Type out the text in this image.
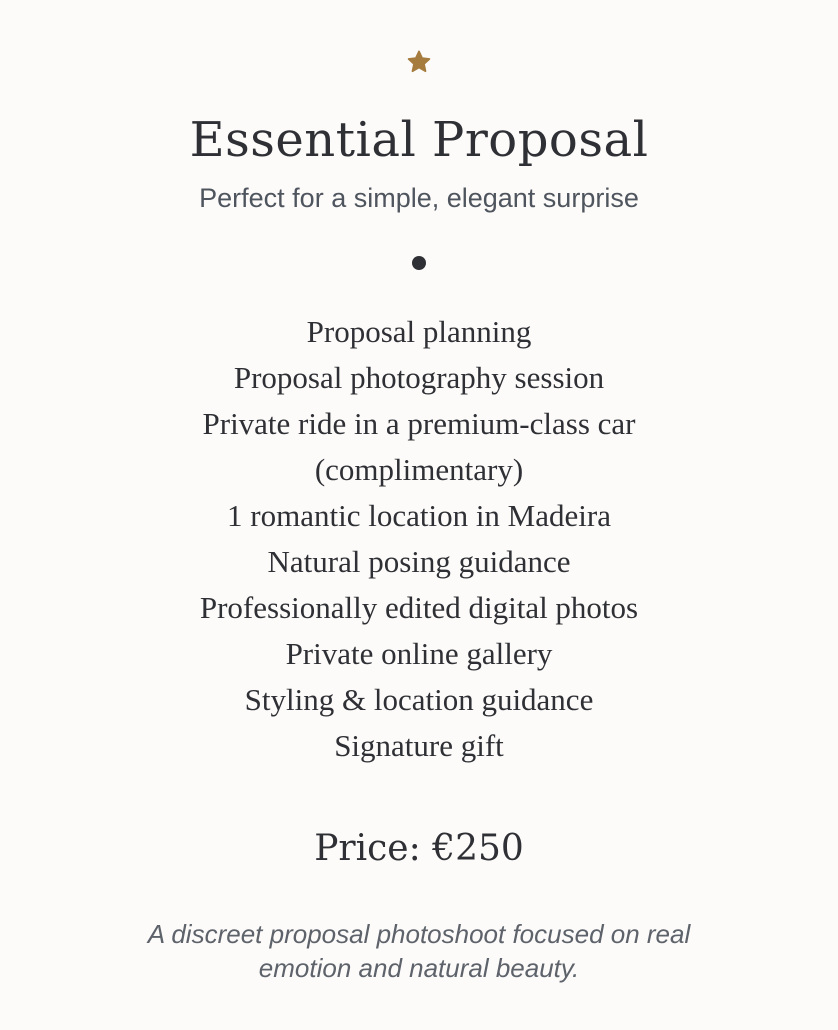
Essential Proposal
Perfect for a simple, elegant surprise
Proposal planning
Proposal photography session
Private ride in a premium-class car (complimentary)
1 romantic location in Madeira
Natural posing guidance
Professionally edited digital photos
Private online gallery
Styling & location guidance
Signature gift
Price: €250
A discreet proposal photoshoot focused on real emotion and natural beauty.
